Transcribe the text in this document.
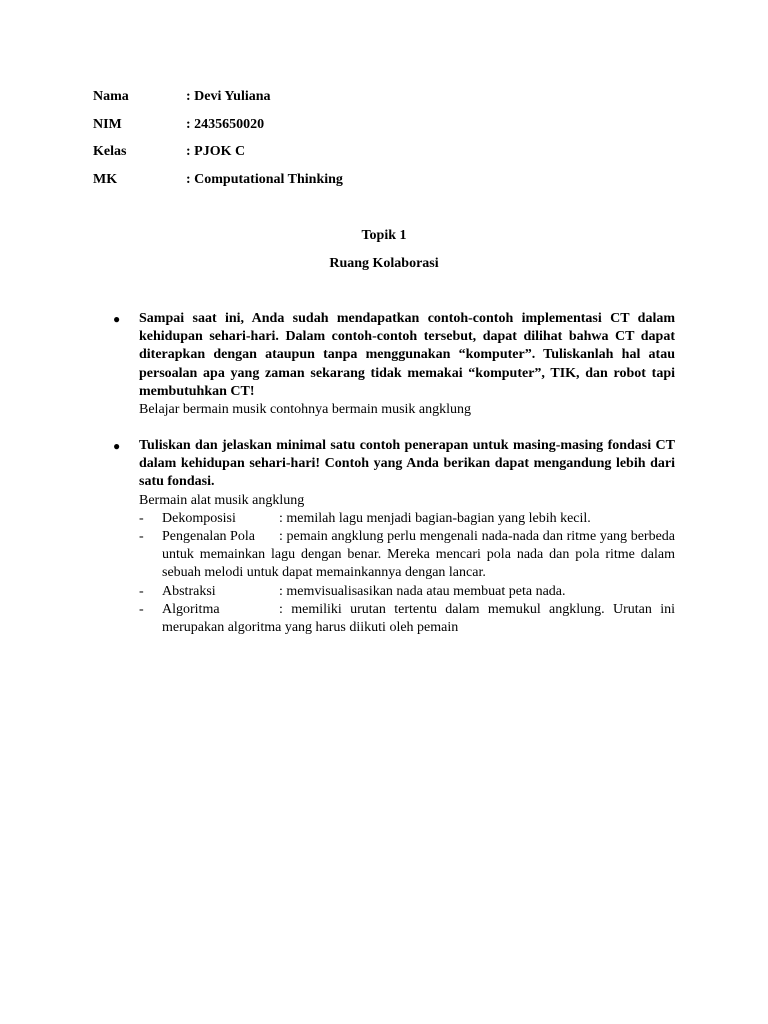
Nama	: Devi Yuliana
NIM	: 2435650020
Kelas	: PJOK C
MK	: Computational Thinking
Topik 1
Ruang Kolaborasi
● Sampai saat ini, Anda sudah mendapatkan contoh-contoh implementasi CT dalam kehidupan sehari-hari. Dalam contoh-contoh tersebut, dapat dilihat bahwa CT dapat diterapkan dengan ataupun tanpa menggunakan “komputer”. Tuliskanlah hal atau persoalan apa yang zaman sekarang tidak memakai “komputer”, TIK, dan robot tapi membutuhkan CT!
Belajar bermain musik contohnya bermain musik angklung
● Tuliskan dan jelaskan minimal satu contoh penerapan untuk masing-masing fondasi CT dalam kehidupan sehari-hari! Contoh yang Anda berikan dapat mengandung lebih dari satu fondasi.
Bermain alat musik angklung
- Dekomposisi	: memilah lagu menjadi bagian-bagian yang lebih kecil.
- Pengenalan Pola : pemain angklung perlu mengenali nada-nada dan ritme yang berbeda untuk memainkan lagu dengan benar. Mereka mencari pola nada dan pola ritme dalam sebuah melodi untuk dapat memainkannya dengan lancar.
- Abstraksi	: memvisualisasikan nada atau membuat peta nada.
- Algoritma	: memiliki urutan tertentu dalam memukul angklung. Urutan ini merupakan algoritma yang harus diikuti oleh pemain
